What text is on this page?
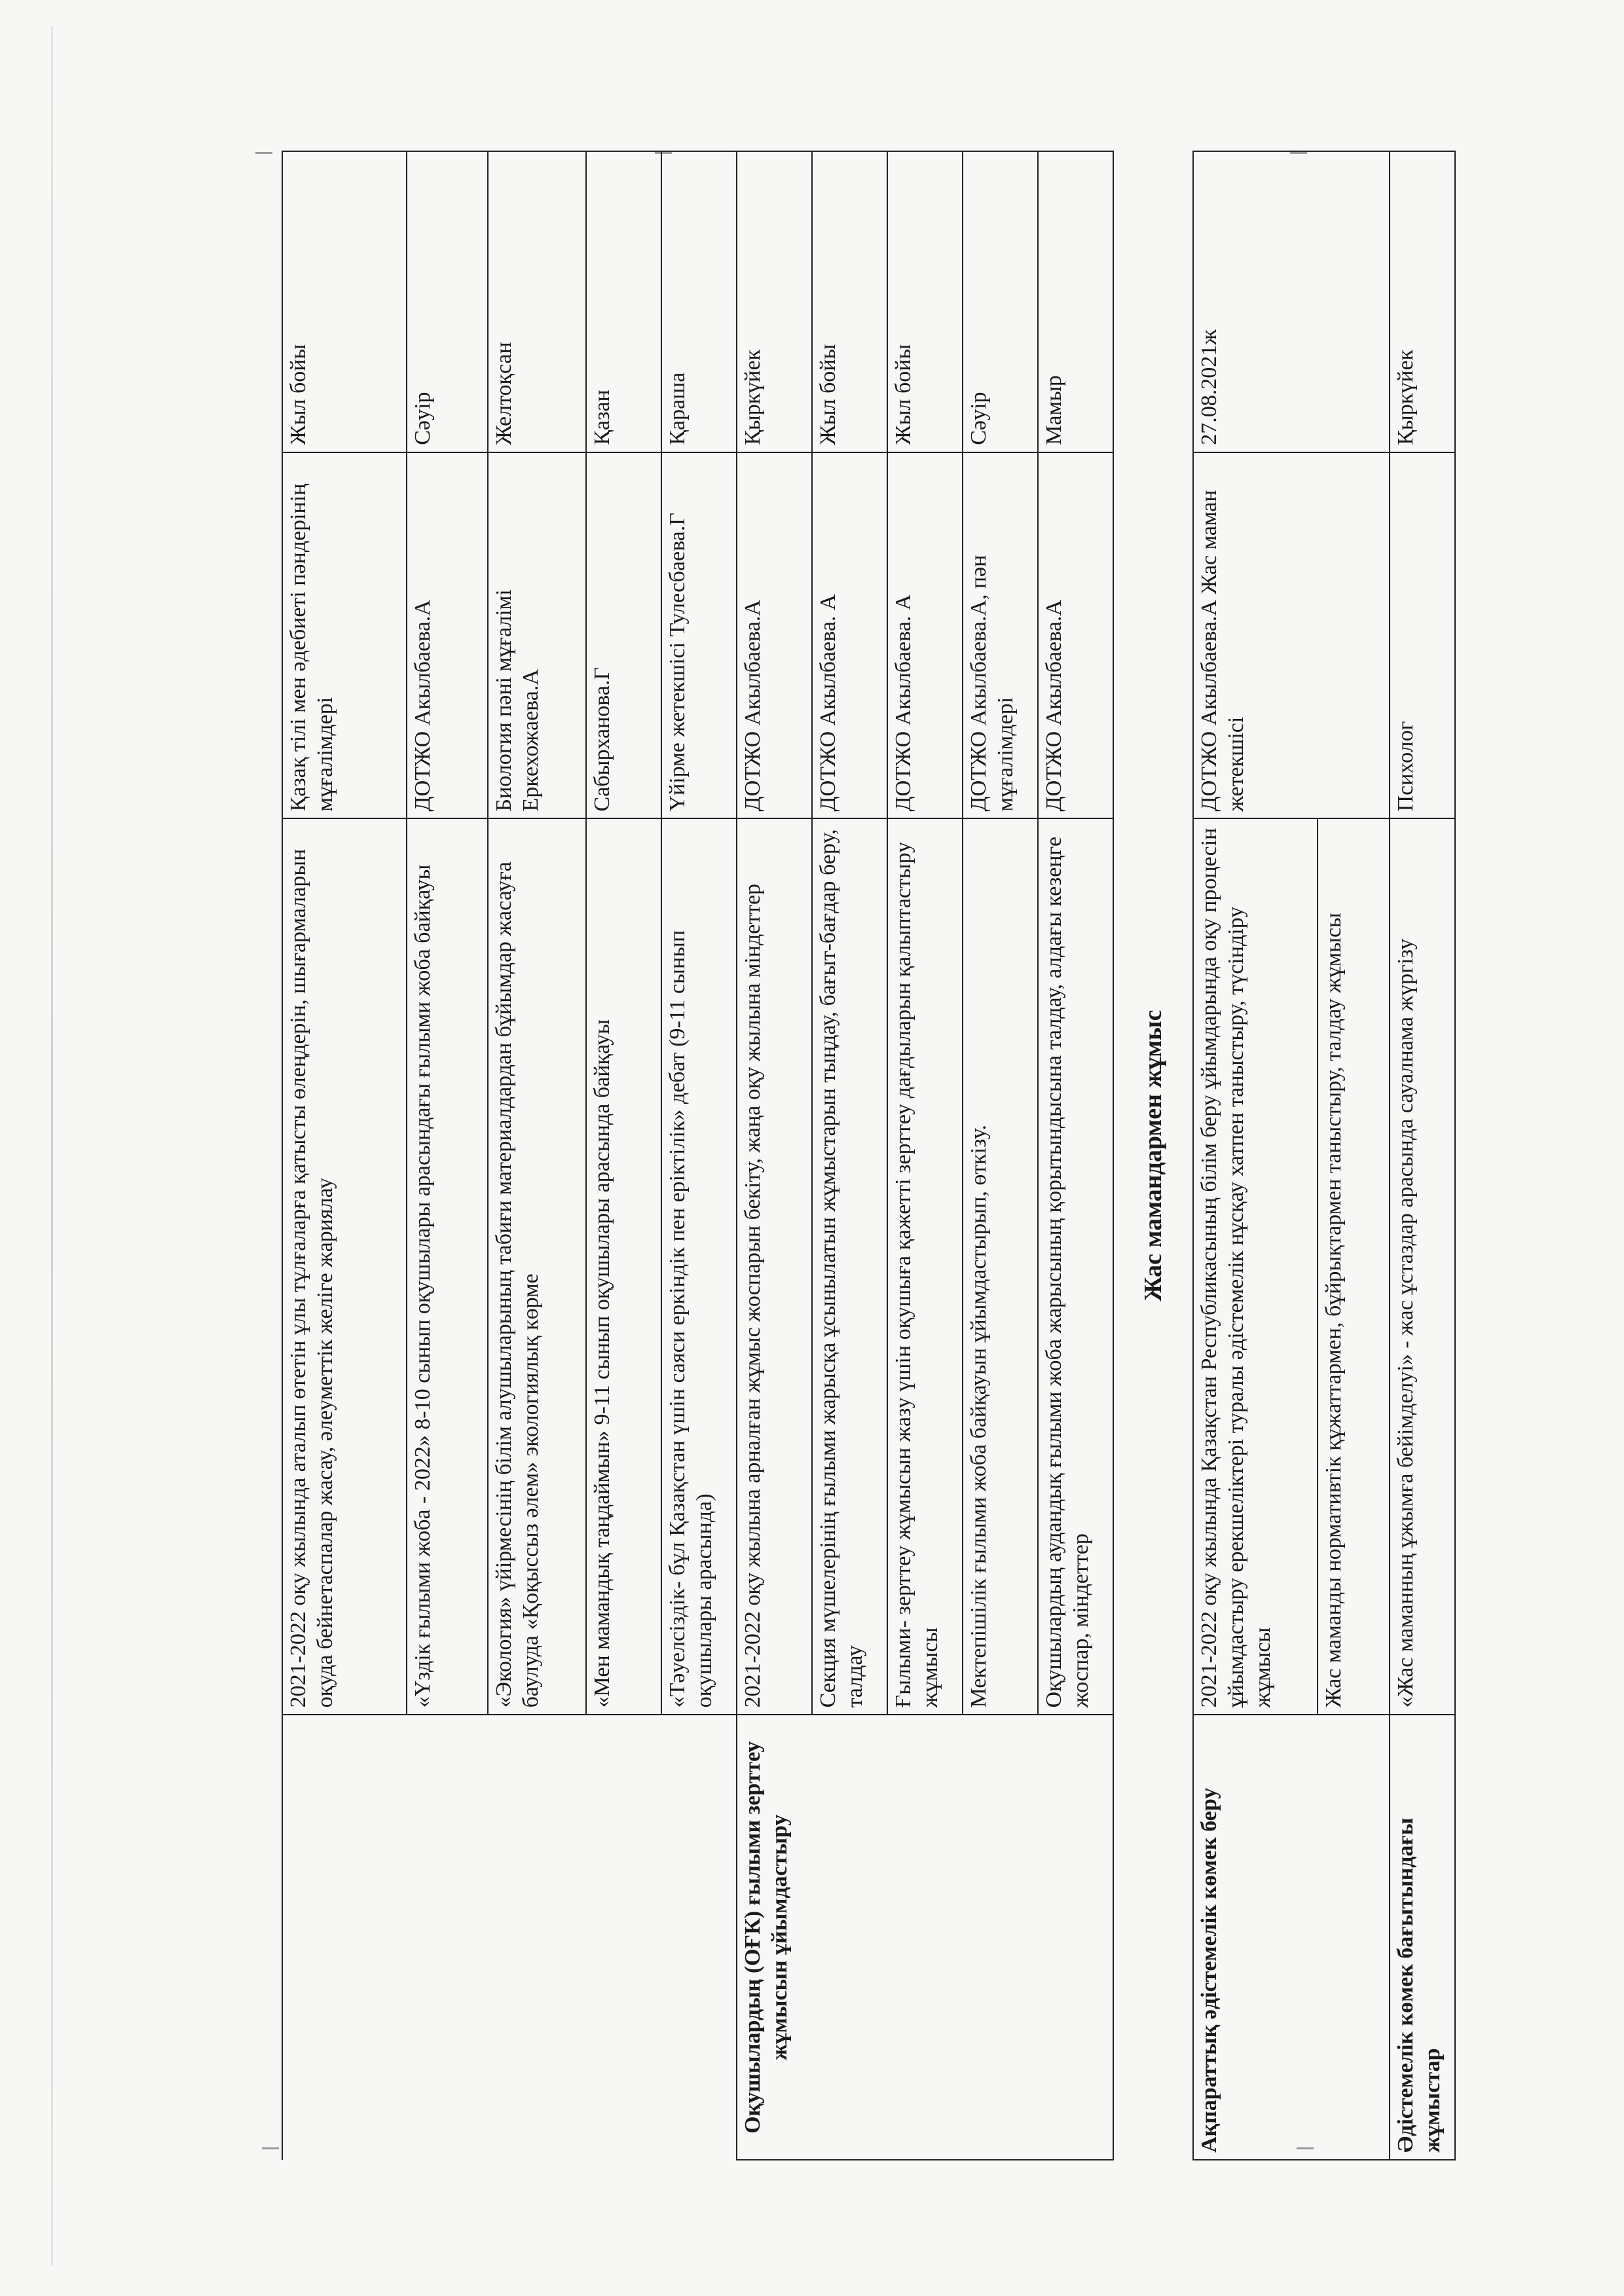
	2021-2022 оқу жылында аталып өтетін ұлы тұлғаларға қатысты өлеңдерін, шығармаларын оқуда бейнетаспалар жасау, әлеуметтік желіге жариялау	Қазақ тілі мен әдебиеті пәндерінің мұғалімдері	Жыл бойы
	«Үздік ғылыми жоба - 2022» 8-10 сынып оқушылары арасындағы ғылыми жоба байқауы	ДОТЖО Акылбаева.А	Сәуір
	«Экология» үйірмесінің білім алушыларының табиғи материалдардан бұйымдар жасауға баулуда «Қоқыссыз әлем» экологиялық көрме	Биология пәні мұғалімі Еркехожаева.А	Желтоқсан
	«Мен мамандық таңдаймын» 9-11 сынып оқушылары арасында байқауы	Сабырханова.Г	Қазан
	«Тәуелсіздік- бұл Қазақстан үшін саяси еркіндік пен еріктілік» дебат (9-11 сынып оқушылары арасында)	Үйірме жетекшісі Тулесбаева.Г	Қараша
Оқушылардың (ОҒК) ғылыми зерттеу жұмысын ұйымдастыру	2021-2022 оқу жылына арналған жұмыс жоспарын бекіту, жаңа оқу жылына міндеттер	ДОТЖО Акылбаева.А	Қыркүйек
	Секция мүшелерінің ғылыми жарысқа ұсынылатын жұмыстарын тыңдау, бағыт-бағдар беру, талдау	ДОТЖО Акылбаева. А	Жыл бойы
	Ғылыми- зерттеу жұмысын жазу үшін оқушыға қажетті зерттеу дағдыларын қалыптастыру жұмысы	ДОТЖО Акылбаева. А	Жыл бойы
	Мектепішілік ғылыми жоба байқауын ұйымдастырып, өткізу.	ДОТЖО Акылбаева.А, пән мұғалімдері	Сәуір
	Оқушылардың аудандық ғылыми жоба жарысының қорытындысына талдау, алдағы кезеңге жоспар, міндеттер	ДОТЖО Акылбаева.А	Мамыр
Жас мамандармен жұмыс
Ақпараттық әдістемелік көмек беру	2021-2022 оқу жылында Қазақстан Республикасының білім беру ұйымдарында оқу процесін ұйымдастыру ерекшеліктері туралы әдістемелік нұсқау хатпен таныстыру, түсіндіру жұмысы	ДОТЖО Акылбаева.А Жас маман жетекшісі	27.08.2021ж
	Жас маманды нормативтік құжаттармен, бұйрықтармен таныстыру, талдау жұмысы		
Әдістемелік көмек бағытындағы жұмыстар	«Жас маманның ұжымға бейімделуі» - жас ұстаздар арасында сауалнама жүргізу	Психолог	Қыркүйек
